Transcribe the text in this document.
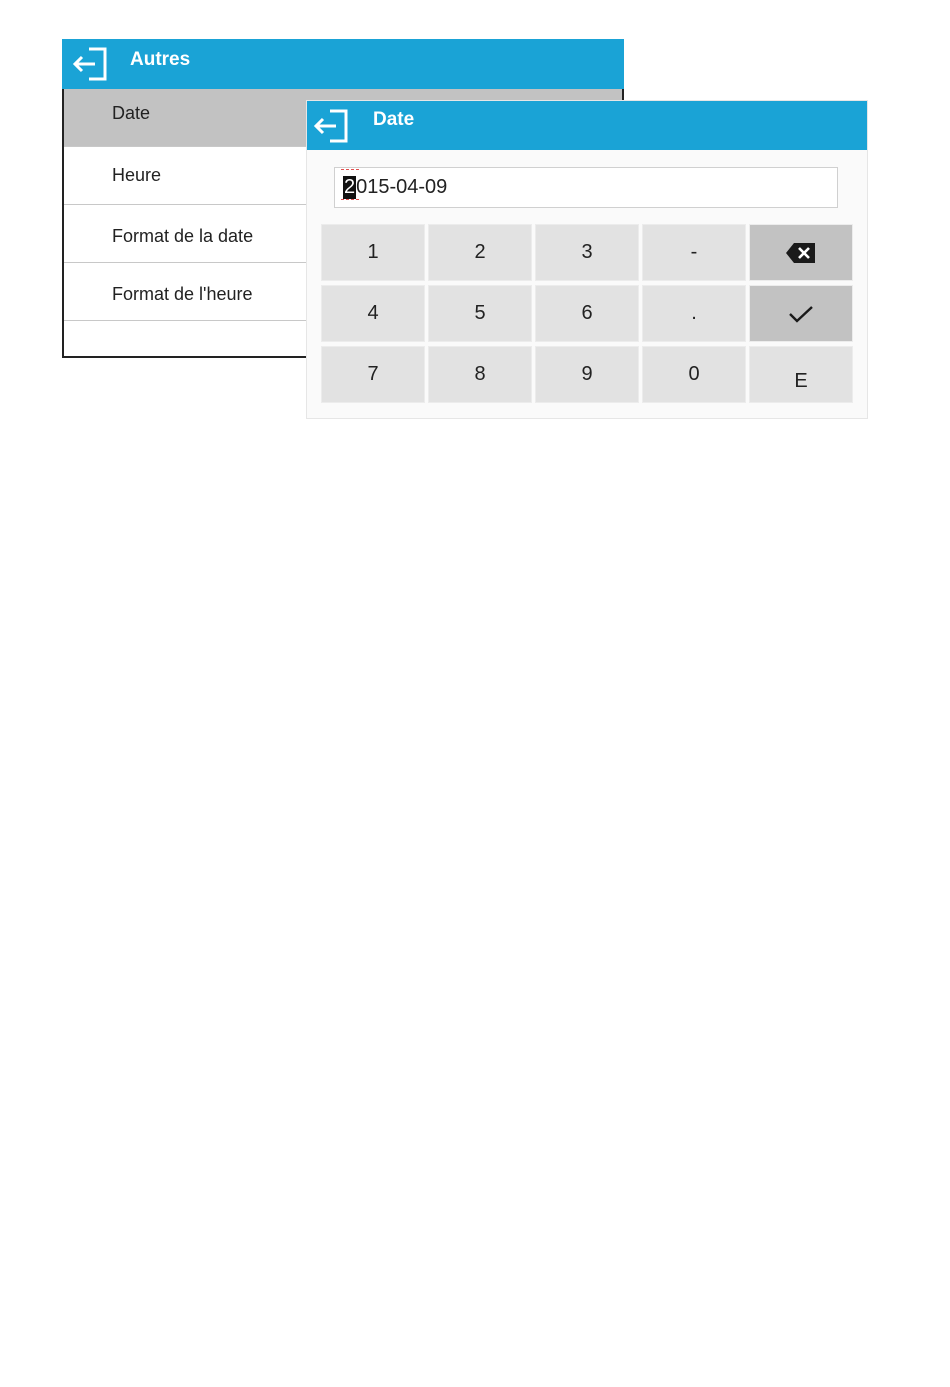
Autres
Date
Heure
Format de la date
Format de l'heure
Date
2 015-04-09
1	2	3	-
4	5	6	.
7	8	9	0	E
